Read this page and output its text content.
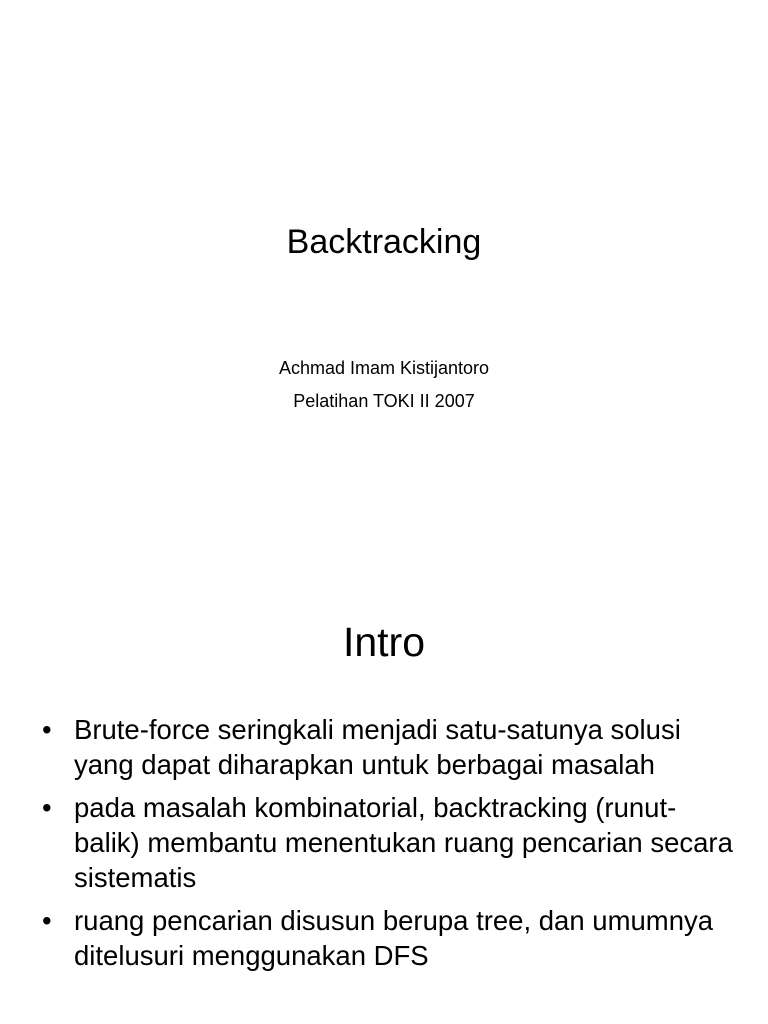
Backtracking
Achmad Imam Kistijantoro
Pelatihan TOKI II 2007
Intro
• Brute-force seringkali menjadi satu-satunya solusi yang dapat diharapkan untuk berbagai masalah
• pada masalah kombinatorial, backtracking (runut-balik) membantu menentukan ruang pencarian secara sistematis
• ruang pencarian disusun berupa tree, dan umumnya ditelusuri menggunakan DFS
